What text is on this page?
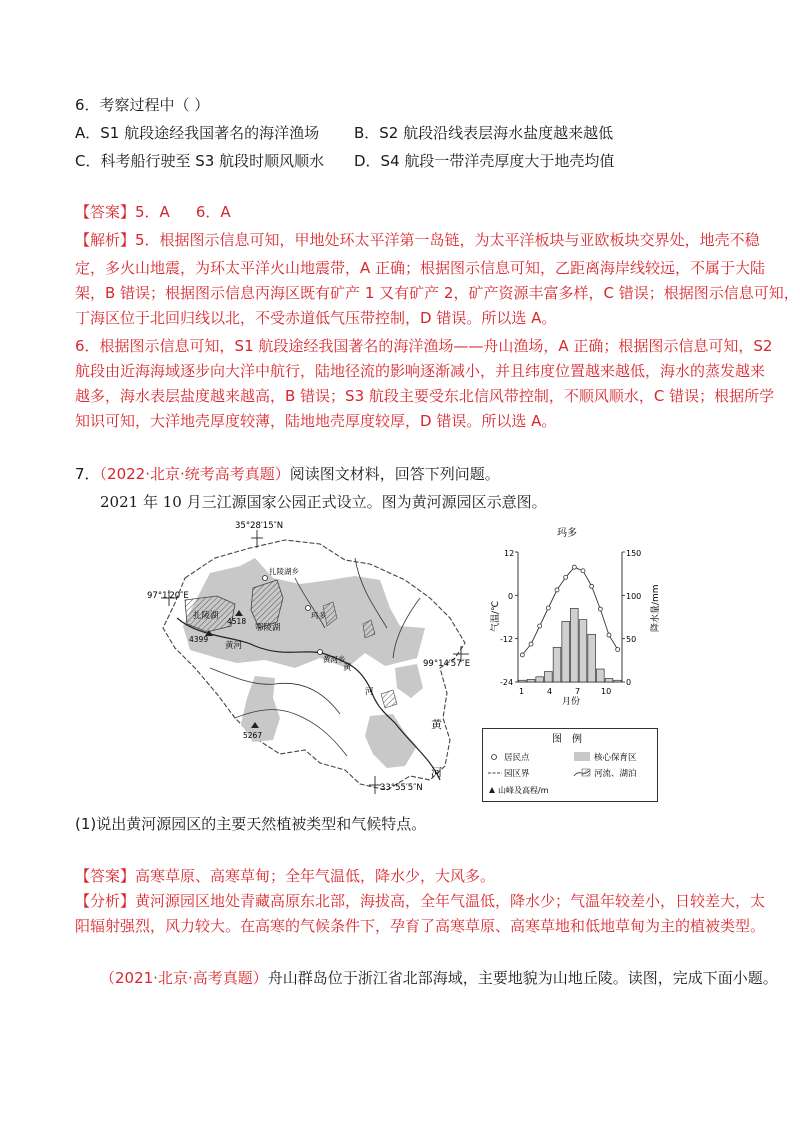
6．考察过程中（ ）
A．S1 航段途经我国著名的海洋渔场 B．S2 航段沿线表层海水盐度越来越低
C．科考船行驶至 S3 航段时顺风顺水 D．S4 航段一带洋壳厚度大于地壳均值
【答案】5．A 6．A
【解析】5．根据图示信息可知，甲地处环太平洋第一岛链，为太平洋板块与亚欧板块交界处，地壳不稳
定，多火山地震，为环太平洋火山地震带，A 正确；根据图示信息可知，乙距离海岸线较远，不属于大陆
架，B 错误；根据图示信息丙海区既有矿产 1 又有矿产 2，矿产资源丰富多样，C 错误；根据图示信息可知，
丁海区位于北回归线以北，不受赤道低气压带控制，D 错误。所以选 A。
6．根据图示信息可知，S1 航段途经我国著名的海洋渔场——舟山渔场，A 正确；根据图示信息可知，S2
航段由近海海域逐步向大洋中航行，陆地径流的影响逐渐减小，并且纬度位置越来越低，海水的蒸发越来
越多，海水表层盐度越来越高，B 错误；S3 航段主要受东北信风带控制，不顺风顺水，C 错误；根据所学
知识可知，大洋地壳厚度较薄，陆地地壳厚度较厚，D 错误。所以选 A。
7．（2022·北京·统考高考真题）阅读图文材料，回答下列问题。
2021 年 10 月三江源国家公园正式设立。图为黄河源园区示意图。
35°28′15″N
33°55′5″N
97°1′20″E
99°14′57″E
扎陵湖
鄂陵湖
扎陵湖乡
玛多
黄河乡
黄河
4399
4518
5267
黄
河
黄
河
玛多
气温/℃	降水量/mm
月份
12
0
-12
-24
150
100
50
0
1	4	7	10
图　例
居民点	核心保育区
园区界	河流、湖泊
山峰及高程/m
(1)说出黄河源园区的主要天然植被类型和气候特点。
【答案】高寒草原、高寒草甸；全年气温低，降水少，大风多。
【分析】黄河源园区地处青藏高原东北部，海拔高，全年气温低，降水少；气温年较差小，日较差大，太
阳辐射强烈，风力较大。在高寒的气候条件下，孕育了高寒草原、高寒草地和低地草甸为主的植被类型。
（2021·北京·高考真题）舟山群岛位于浙江省北部海域，主要地貌为山地丘陵。读图，完成下面小题。
